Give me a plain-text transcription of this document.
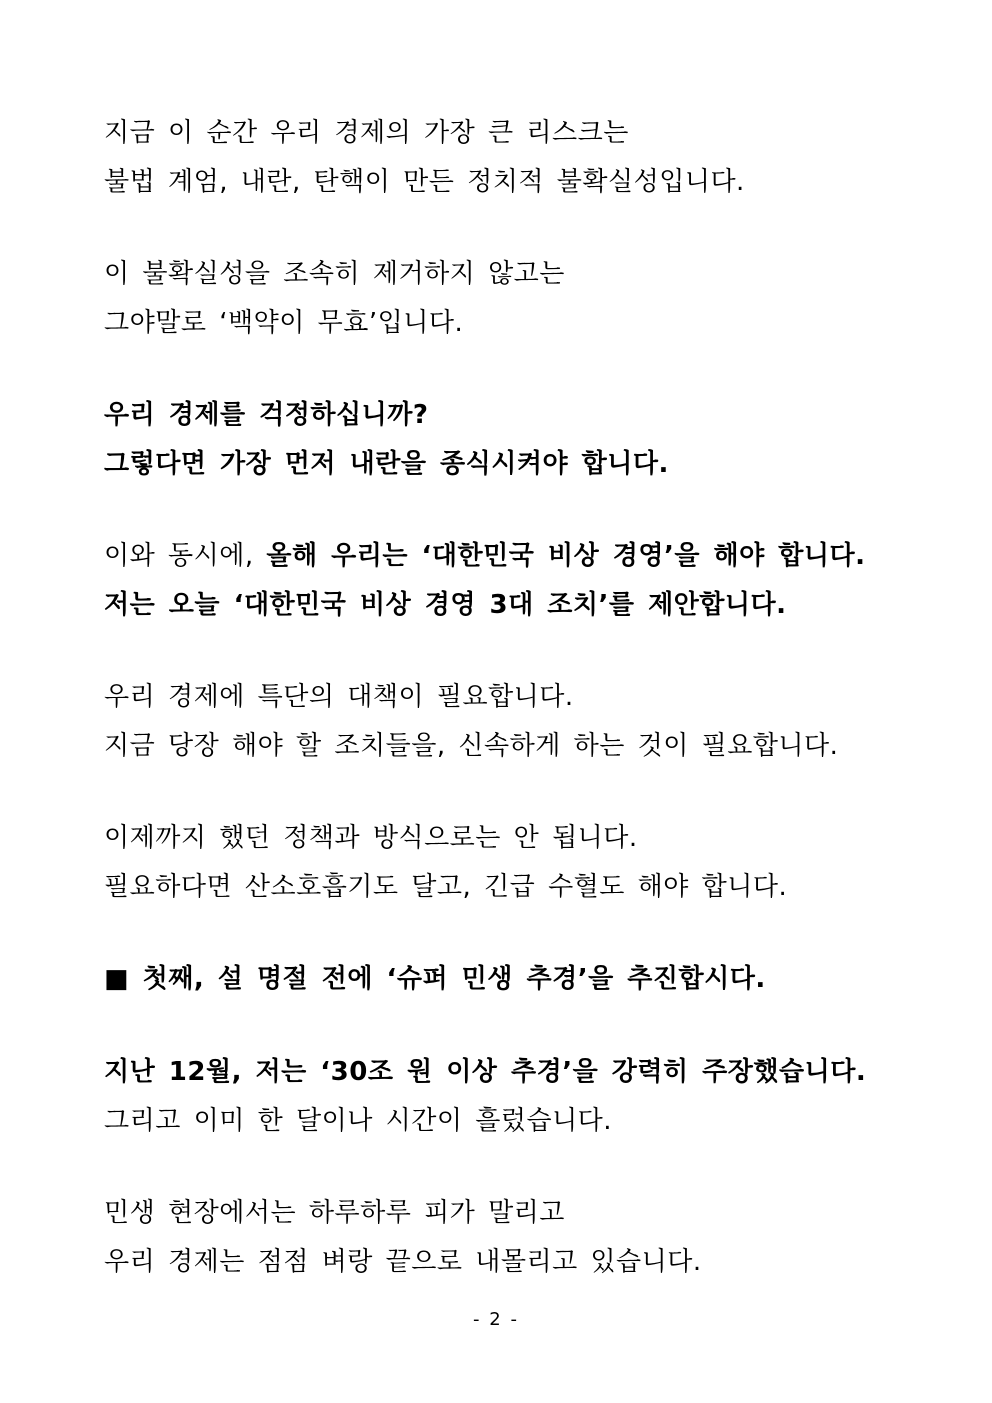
지금 이 순간 우리 경제의 가장 큰 리스크는
불법 계엄, 내란, 탄핵이 만든 정치적 불확실성입니다.
이 불확실성을 조속히 제거하지 않고는
그야말로 ‘백약이 무효’입니다.
우리 경제를 걱정하십니까?
그렇다면 가장 먼저 내란을 종식시켜야 합니다.
이와 동시에, 올해 우리는 ‘대한민국 비상 경영’을 해야 합니다.
저는 오늘 ‘대한민국 비상 경영 3대 조치’를 제안합니다.
우리 경제에 특단의 대책이 필요합니다.
지금 당장 해야 할 조치들을, 신속하게 하는 것이 필요합니다.
이제까지 했던 정책과 방식으로는 안 됩니다.
필요하다면 산소호흡기도 달고, 긴급 수혈도 해야 합니다.
■ 첫째, 설 명절 전에 ‘슈퍼 민생 추경’을 추진합시다.
지난 12월, 저는 ‘30조 원 이상 추경’을 강력히 주장했습니다.
그리고 이미 한 달이나 시간이 흘렀습니다.
민생 현장에서는 하루하루 피가 말리고
우리 경제는 점점 벼랑 끝으로 내몰리고 있습니다.
- 2 -
